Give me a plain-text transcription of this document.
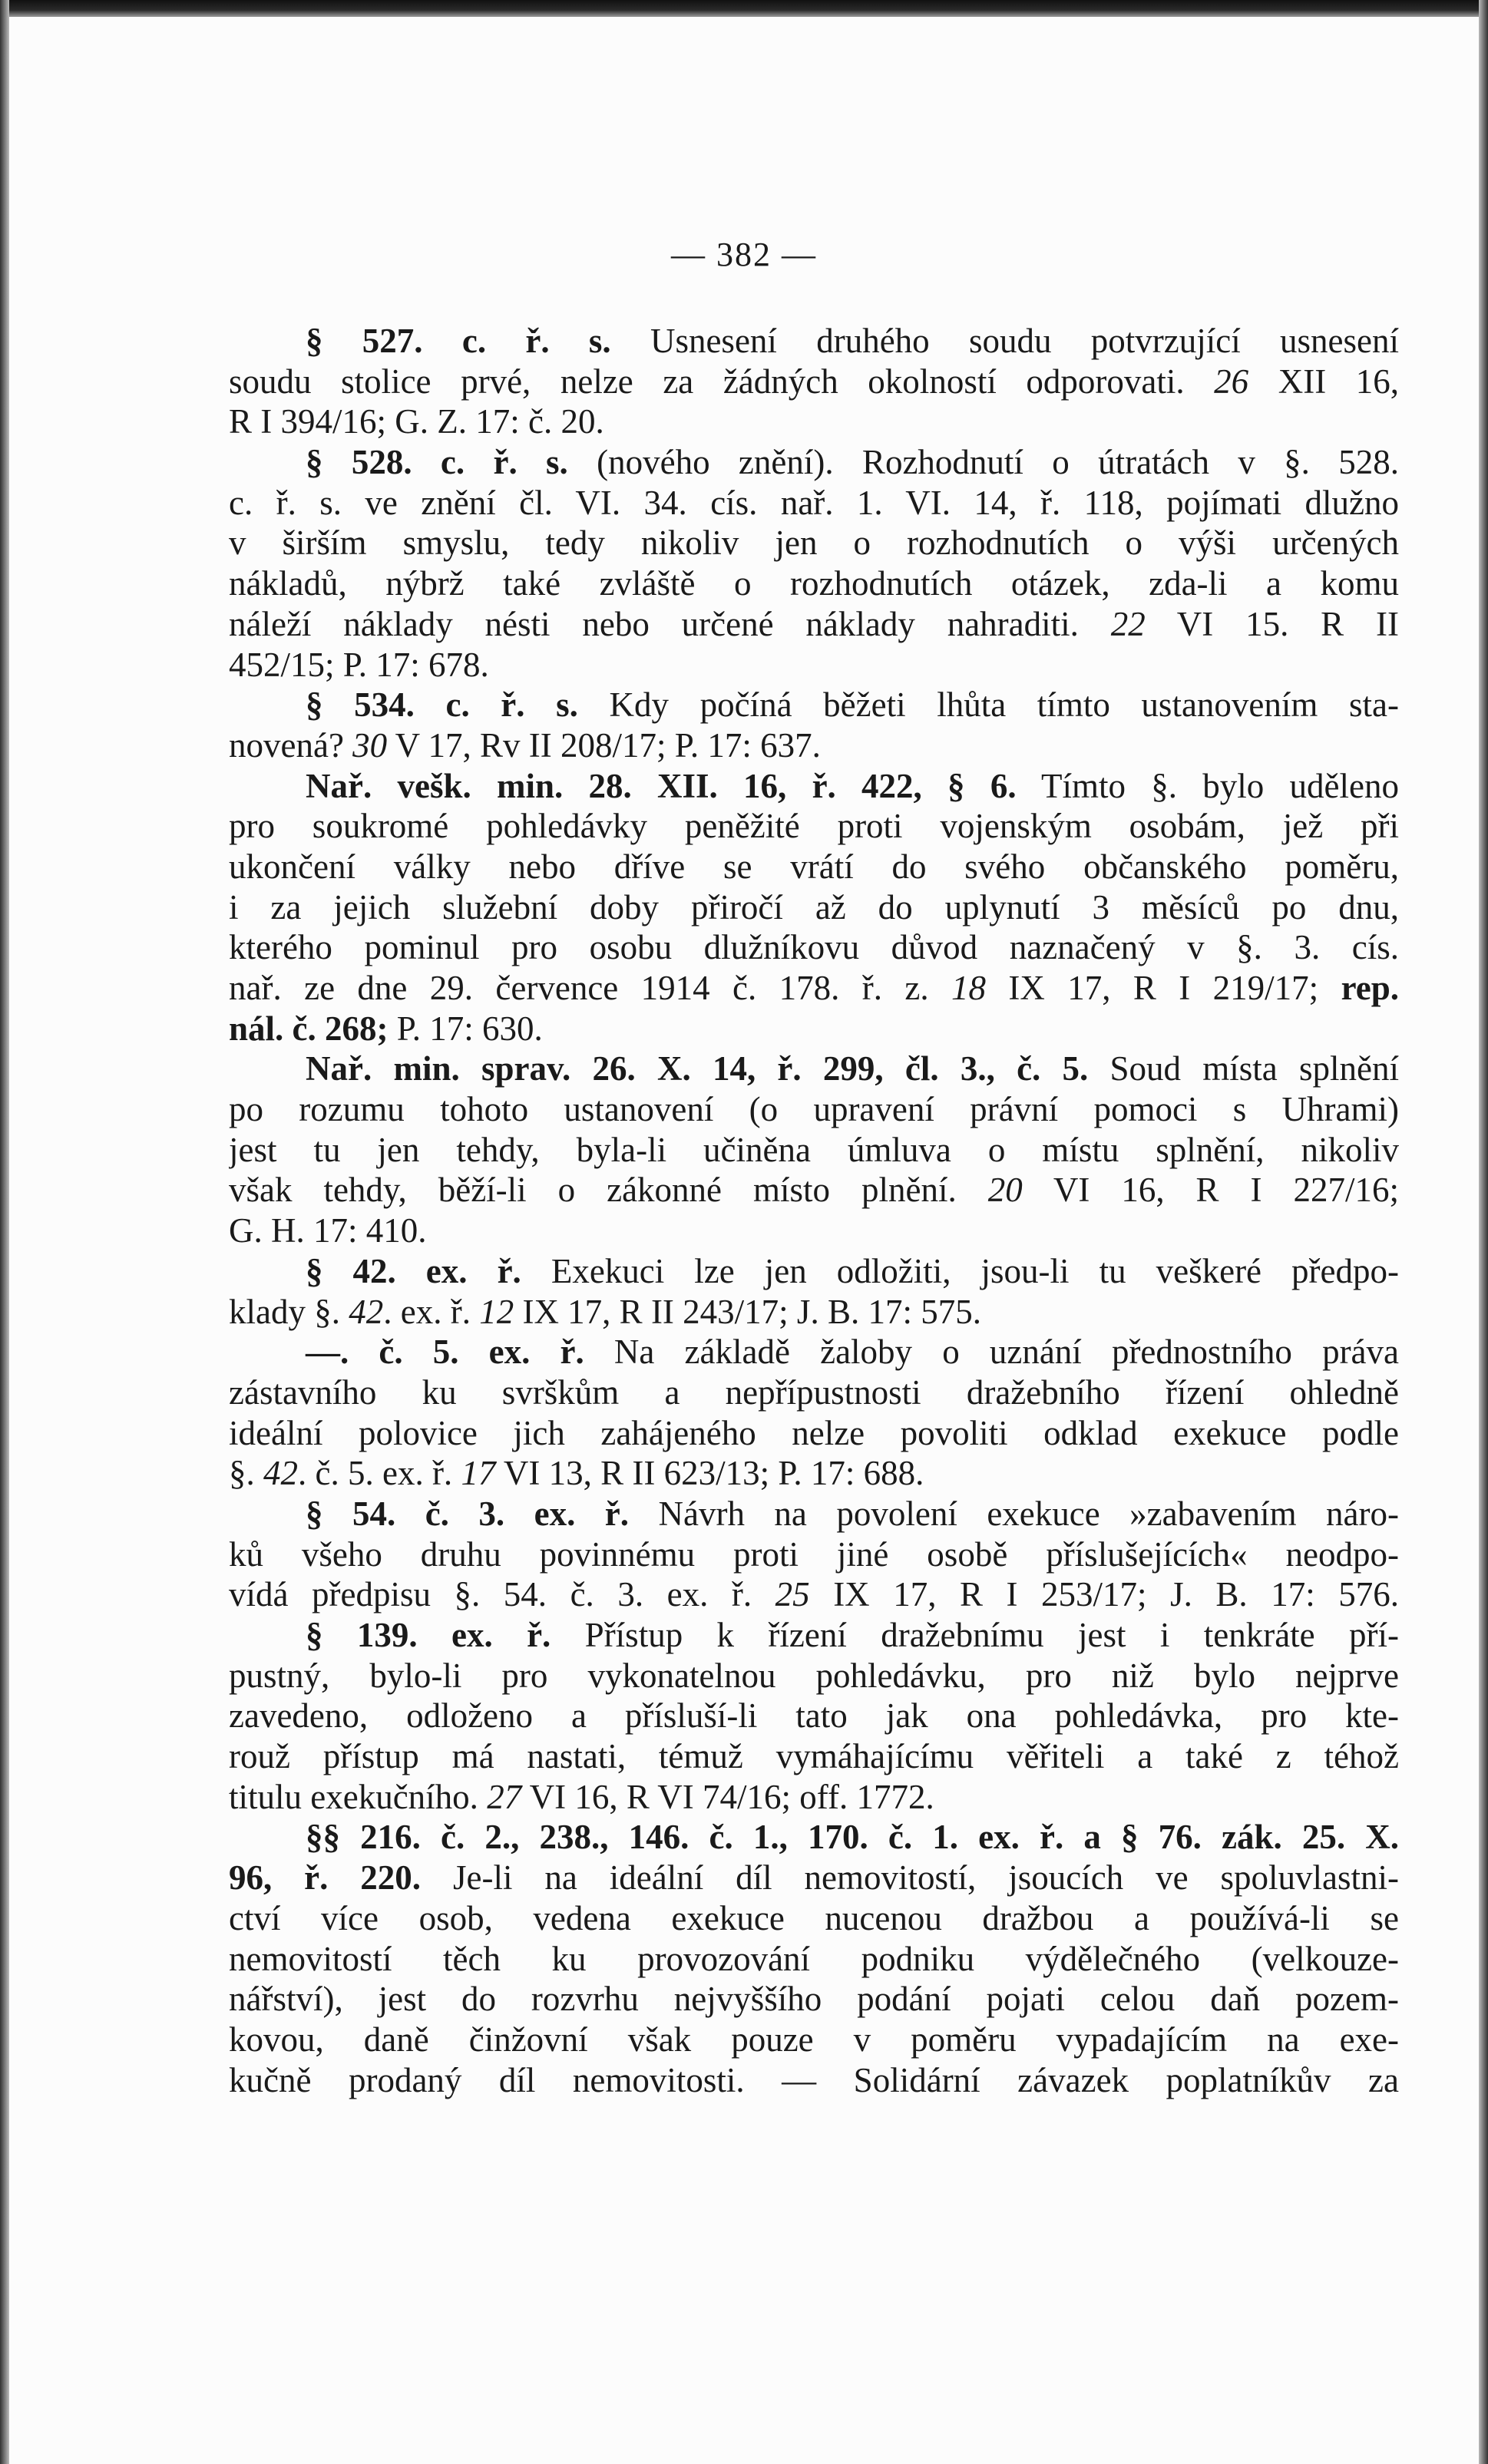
— 382 —
§ 527. c. ř. s. Usnesení druhého soudu potvrzující usnesení
soudu stolice prvé, nelze za žádných okolností odporovati. 26 XII 16,
R I 394/16; G. Z. 17: č. 20.
§ 528. c. ř. s. (nového znění). Rozhodnutí o útratách v §. 528.
c. ř. s. ve znění čl. VI. 34. cís. nař. 1. VI. 14, ř. 118, pojímati dlužno
v širším smyslu, tedy nikoliv jen o rozhodnutích o výši určených
nákladů, nýbrž také zvláště o rozhodnutích otázek, zda-li a komu
náleží náklady nésti nebo určené náklady nahraditi. 22 VI 15. R II
452/15; P. 17: 678.
§ 534. c. ř. s. Kdy počíná běžeti lhůta tímto ustanovením sta-
novená? 30 V 17, Rv II 208/17; P. 17: 637.
Nař. vešk. min. 28. XII. 16, ř. 422, § 6. Tímto §. bylo uděleno
pro soukromé pohledávky peněžité proti vojenským osobám, jež při
ukončení války nebo dříve se vrátí do svého občanského poměru,
i za jejich služební doby přiročí až do uplynutí 3 měsíců po dnu,
kterého pominul pro osobu dlužníkovu důvod naznačený v §. 3. cís.
nař. ze dne 29. července 1914 č. 178. ř. z. 18 IX 17, R I 219/17; rep.
nál. č. 268; P. 17: 630.
Nař. min. sprav. 26. X. 14, ř. 299, čl. 3., č. 5. Soud místa splnění
po rozumu tohoto ustanovení (o upravení právní pomoci s Uhrami)
jest tu jen tehdy, byla-li učiněna úmluva o místu splnění, nikoliv
však tehdy, běží-li o zákonné místo plnění. 20 VI 16, R I 227/16;
G. H. 17: 410.
§ 42. ex. ř. Exekuci lze jen odložiti, jsou-li tu veškeré předpo-
klady §. 42. ex. ř. 12 IX 17, R II 243/17; J. B. 17: 575.
—. č. 5. ex. ř. Na základě žaloby o uznání přednostního práva
zástavního ku svrškům a nepřípustnosti dražebního řízení ohledně
ideální polovice jich zahájeného nelze povoliti odklad exekuce podle
§. 42. č. 5. ex. ř. 17 VI 13, R II 623/13; P. 17: 688.
§ 54. č. 3. ex. ř. Návrh na povolení exekuce »zabavením náro-
ků všeho druhu povinnému proti jiné osobě příslušejících« neodpo-
vídá předpisu §. 54. č. 3. ex. ř. 25 IX 17, R I 253/17; J. B. 17: 576.
§ 139. ex. ř. Přístup k řízení dražebnímu jest i tenkráte pří-
pustný, bylo-li pro vykonatelnou pohledávku, pro niž bylo nejprve
zavedeno, odloženo a přísluší-li tato jak ona pohledávka, pro kte-
rouž přístup má nastati, témuž vymáhajícímu věřiteli a také z téhož
titulu exekučního. 27 VI 16, R VI 74/16; off. 1772.
§§ 216. č. 2., 238., 146. č. 1., 170. č. 1. ex. ř. a § 76. zák. 25. X.
96, ř. 220. Je-li na ideální díl nemovitostí, jsoucích ve spoluvlastni-
ctví více osob, vedena exekuce nucenou dražbou a používá-li se
nemovitostí těch ku provozování podniku výdělečného (velkouze-
nářství), jest do rozvrhu nejvyššího podání pojati celou daň pozem-
kovou, daně činžovní však pouze v poměru vypadajícím na exe-
kučně prodaný díl nemovitosti. — Solidární závazek poplatníkův za
